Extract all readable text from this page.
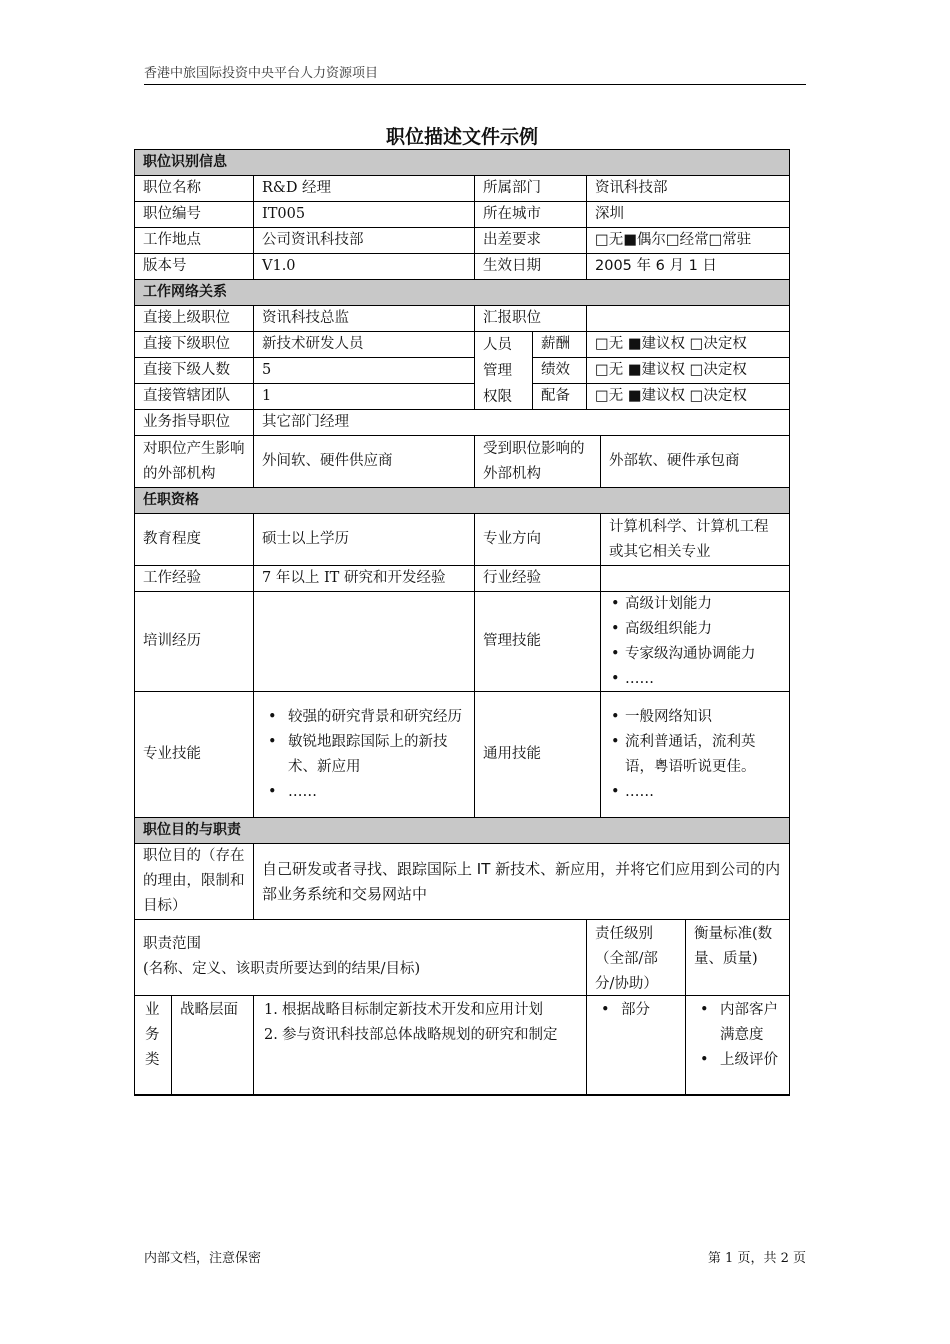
香港中旅国际投资中央平台人力资源项目
职位描述文件示例
职位识别信息
职位名称	R&D 经理	所属部门	资讯科技部
职位编号	IT005	所在城市	深圳
工作地点	公司资讯科技部	出差要求	□无■偶尔□经常□常驻
版本号	V1.0	生效日期	2005 年 6 月 1 日
工作网络关系
直接上级职位	资讯科技总监	汇报职位
直接下级职位	新技术研发人员
直接下级人数	5
直接管辖团队	1
人员管理权限
薪酬	□无 ■建议权 □决定权
绩效	□无 ■建议权 □决定权
配备	□无 ■建议权 □决定权
业务指导职位	其它部门经理
对职位产生影响的外部机构
外间软、硬件供应商
受到职位影响的外部机构
外部软、硬件承包商
任职资格
教育程度	硕士以上学历	专业方向
计算机科学、计算机工程或其它相关专业
工作经验	7 年以上 IT 研究和开发经验	行业经验
培训经历	管理技能
• 高级计划能力
• 高级组织能力
• 专家级沟通协调能力
• ……
专业技能
• 较强的研究背景和研究经历
• 敏锐地跟踪国际上的新技术、新应用
• ……
通用技能
• 一般网络知识
• 流利普通话，流利英语，粤语听说更佳。
• ……
职位目的与职责
职位目的（存在的理由，限制和目标）
自己研发或者寻找、跟踪国际上 IT 新技术、新应用，并将它们应用到公司的内部业务系统和交易网站中
职责范围
(名称、定义、该职责所要达到的结果/目标)
责任级别（全部/部分/协助）
衡量标准(数量、质量)
业务类
战略层面	1. 根据战略目标制定新技术开发和应用计划
2. 参与资讯科技部总体战略规划的研究和制定
• 部分
•	内部客户满意度
• 上级评价
内部文档，注意保密	第 1 页，共 2 页
